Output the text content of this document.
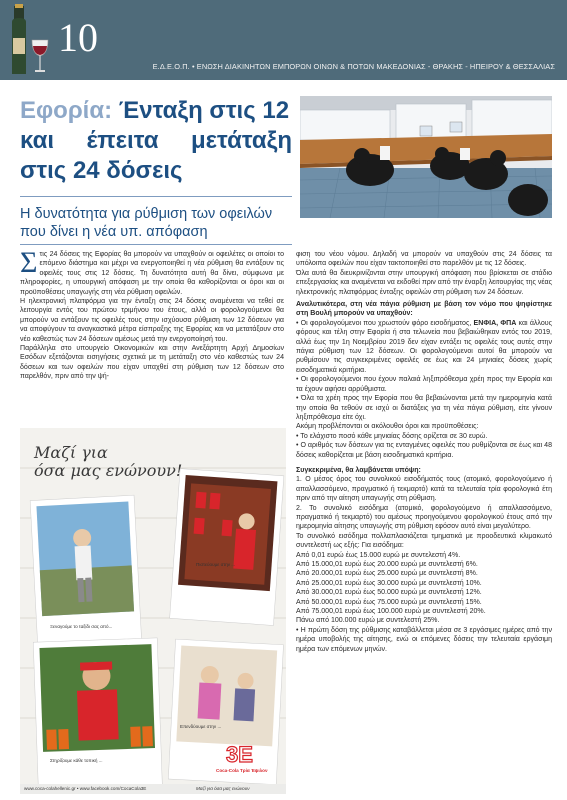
10
Ε.Δ.Ε.Ο.Π. • ΕΝΩΣΗ ΔΙΑΚΙΝΗΤΩΝ ΕΜΠΟΡΩΝ ΟΙΝΩΝ & ΠΟΤΩΝ ΜΑΚΕΔΟΝΙΑΣ - ΘΡΑΚΗΣ - ΗΠΕΙΡΟΥ & ΘΕΣΣΑΛΙΑΣ
Εφορία: Ένταξη στις 12
και έπειτα μετάταξη
στις 24 δόσεις
Η δυνατότητα για ρύθμιση των οφειλών που δίνει η νέα υπ. απόφαση

Στις 24 δόσεις της Εφορίας θα μπορούν να υπαχθούν οι οφειλέτες οι οποίοι το επόμενο διάστημα και μέχρι να ενεργοποιηθεί η νέα ρύθμιση θα εντάξουν τις οφειλές τους στις 12 δόσεις. Τη δυνατότητα αυτή θα δίνει, σύμφωνα με πληροφορίες, η υπουργική απόφαση με την οποία θα καθορίζονται οι όροι και οι προϋποθέσεις υπαγωγής στη νέα ρύθμιση οφειλών.

Η ηλεκτρονική πλατφόρμα για την ένταξη στις 24 δόσεις αναμένεται να τεθεί σε λειτουργία εντός του πρώτου τριμήνου του έτους, αλλά οι φορολογούμενοι θα μπορούν να εντάξουν τις οφειλές τους στην ισχύουσα ρύθμιση των 12 δόσεων για να αποφύγουν τα αναγκαστικά μέτρα είσπραξης της Εφορίας και να μετατάξουν στο νέο καθεστώς των 24 δόσεων αμέσως μετά την ενεργοποίησή του.

Παράλληλα στο υπουργείο Οικονομικών και στην Ανεξάρτητη Αρχή Δημοσίων Εσόδων εξετάζονται εισηγήσεις σχετικά με τη μετάταξη στο νέο καθεστώς των 24 δόσεων και των οφειλών που είχαν υπαχθεί στη ρύθμιση των 12 δόσεων στο παρελθόν, πριν από την ψή-

φιση του νέου νόμου. Δηλαδή να μπορούν να υπαχθούν στις 24 δόσεις τα υπόλοιπα οφειλών που είχαν τακτοποιηθεί στο παρελθόν με τις 12 δόσεις.

Όλα αυτά θα διευκρινίζονται στην υπουργική απόφαση που βρίσκεται σε στάδιο επεξεργασίας και αναμένεται να εκδοθεί πριν από την έναρξη λειτουργίας της νέας ηλεκτρονικής πλατφόρμας ένταξης οφειλών στη ρύθμιση των 24 δόσεων.

Αναλυτικότερα, στη νέα πάγια ρύθμιση με βάση τον νόμο που ψηφίστηκε στη Βουλή μπορούν να υπαχθούν:

• Οι φορολογούμενοι που χρωστούν φόρο εισοδήματος, ΕΝΦΙΑ, ΦΠΑ και άλλους φόρους και τέλη στην Εφορία ή στα τελωνεία που βεβαιώθηκαν εντός του 2019, αλλά έως την 1η Νοεμβρίου 2019 δεν είχαν εντάξει τις οφειλές τους αυτές στην πάγια ρύθμιση των 12 δόσεων. Οι φορολογούμενοι αυτοί θα μπορούν να ρυθμίσουν τις συγκεκριμένες οφειλές σε έως και 24 μηνιαίες δόσεις χωρίς εισοδηματικά κριτήρια.

• Οι φορολογούμενοι που έχουν παλαιά ληξιπρόθεσμα χρέη προς την Εφορία και τα έχουν αφήσει αρρύθμιστα.

• Όλα τα χρέη προς την Εφορία που θα βεβαιώνονται μετά την ημερομηνία κατά την οποία θα τεθούν σε ισχύ οι διατάξεις για τη νέα πάγια ρύθμιση, είτε γίνουν ληξιπρόθεσμα είτε όχι.

Ακόμη προβλέπονται οι ακόλουθοι όροι και προϋποθέσεις:

• Το ελάχιστο ποσό κάθε μηνιαίας δόσης ορίζεται σε 30 ευρώ.

• Ο αριθμός των δόσεων για τις ενταγμένες οφειλές που ρυθμίζονται σε έως και 48 δόσεις καθορίζεται με βάση εισοδηματικά κριτήρια.

Συγκεκριμένα, θα λαμβάνεται υπόψη:

1. Ο μέσος όρος του συνολικού εισοδήματός τους (ατομικό, φορολογούμενο ή απαλλασσόμενο, πραγματικό ή τεκμαρτό) κατά τα τελευταία τρία φορολογικά έτη πριν από την αίτηση υπαγωγής στη ρύθμιση.

2. Το συνολικό εισόδημα (ατομικό, φορολογούμενο ή απαλλασσόμενο, πραγματικό ή τεκμαρτό) του αμέσως προηγούμενου φορολογικού έτους από την ημερομηνία αίτησης υπαγωγής στη ρύθμιση εφόσον αυτό είναι μεγαλύτερο.

Το συνολικό εισόδημα πολλαπλασιάζεται τμηματικά με προοδευτικά κλιμακωτό συντελεστή ως εξής: Για εισόδημα:

Από 0,01 ευρώ έως 15.000 ευρώ με συντελεστή 4%.

Από 15.000,01 ευρώ έως 20.000 ευρώ με συντελεστή 6%.

Από 20.000,01 ευρώ έως 25.000 ευρώ με συντελεστή 8%.

Από 25.000,01 ευρώ έως 30.000 ευρώ με συντελεστή 10%.

Από 30.000,01 ευρώ έως 50.000 ευρώ με συντελεστή 12%.

Από 50.000,01 ευρώ έως 75.000 ευρώ με συντελεστή 15%.

Από 75.000,01 ευρώ έως 100.000 ευρώ με συντελεστή 20%.

Πάνω από 100.000 ευρώ με συντελεστή 25%.

• Η πρώτη δόση της ρύθμισης καταβάλλεται μέσα σε 3 εργάσιμες ημέρες από την ημέρα υποβολής της αίτησης, ενώ οι επόμενες δόσεις την τελευταία εργάσιμη ημέρα των επόμενων μηνών.

3E
Πιστεύουμε στην ...
Ξεναγούμε το ταξίδι σας από...
Επενδύουμε στην ...
Στηρίζουμε κάθε τοπική ...
Coca-Cola Τρία Έψιλον
www.coca-colahellenic.gr • www.facebook.com/CocaCola3E	Μαζί για όσα μας ενώνουν
Μαζί για
όσα μας ενώνουν!
